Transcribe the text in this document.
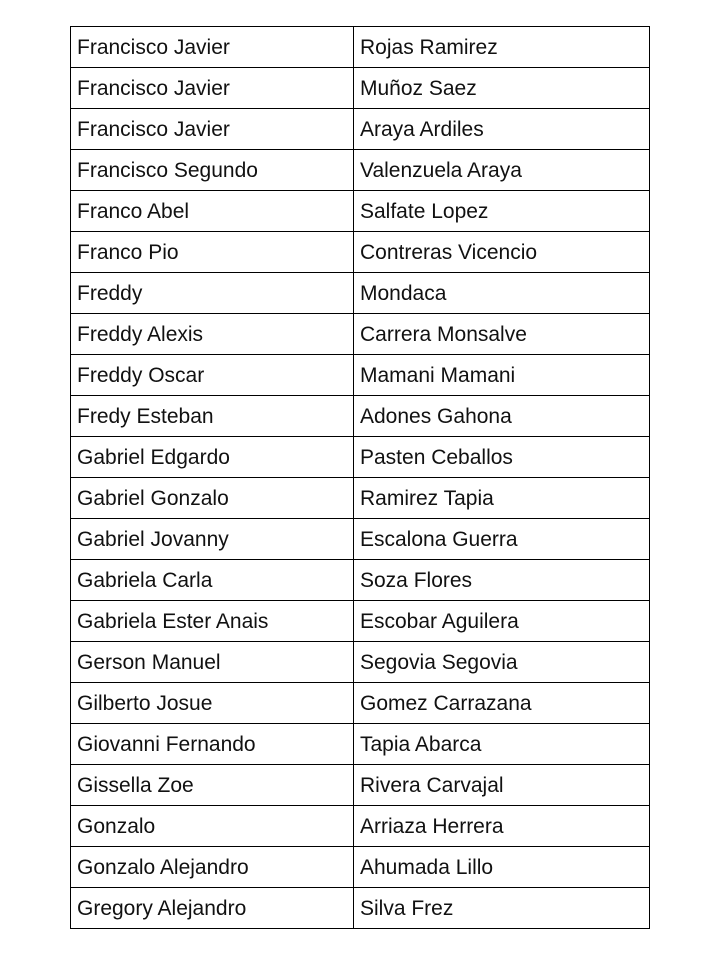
Francisco Javier	Rojas Ramirez
Francisco Javier	Muñoz Saez
Francisco Javier	Araya Ardiles
Francisco Segundo	Valenzuela Araya
Franco Abel	Salfate Lopez
Franco Pio	Contreras Vicencio
Freddy	Mondaca
Freddy Alexis	Carrera Monsalve
Freddy Oscar	Mamani Mamani
Fredy Esteban	Adones Gahona
Gabriel Edgardo	Pasten Ceballos
Gabriel Gonzalo	Ramirez Tapia
Gabriel Jovanny	Escalona Guerra
Gabriela Carla	Soza Flores
Gabriela Ester Anais	Escobar Aguilera
Gerson Manuel	Segovia Segovia
Gilberto Josue	Gomez Carrazana
Giovanni Fernando	Tapia Abarca
Gissella Zoe	Rivera Carvajal
Gonzalo	Arriaza Herrera
Gonzalo Alejandro	Ahumada Lillo
Gregory Alejandro	Silva Frez
